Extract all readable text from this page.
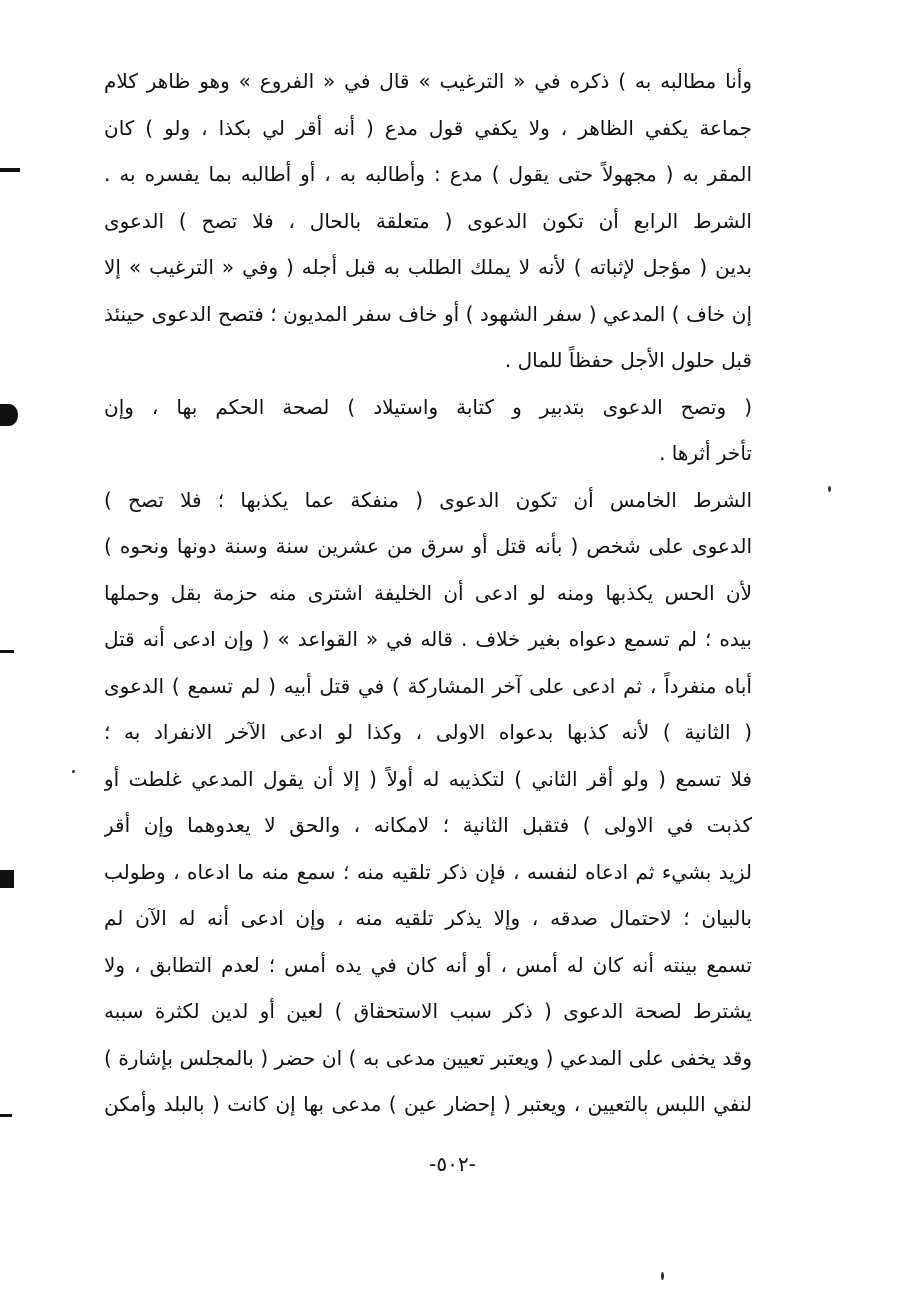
وأنا مطالبه به ) ذكره في « الترغيب » قال في « الفروع » وهو ظاهر كلام
جماعة يكفي الظاهر ، ولا يكفي قول مدع ( أنه أقر لي بكذا ، ولو ) كان
المقر به ( مجهولاً حتى يقول ) مدع : وأطالبه به ، أو أطالبه بما يفسره به .
الشرط الرابع أن تكون الدعوى ( متعلقة بالحال ، فلا تصح ) الدعوى
بدين ( مؤجل لإثباته ) لأنه لا يملك الطلب به قبل أجله ( وفي « الترغيب » إلا
إن خاف ) المدعي ( سفر الشهود ) أو خاف سفر المديون ؛ فتصح الدعوى حينئذ
قبل حلول الأجل حفظاً للمال .
( وتصح الدعوى بتدبير و كتابة واستيلاد ) لصحة الحكم بها ، وإن
تأخر أثرها .
الشرط الخامس أن تكون الدعوى ( منفكة عما يكذبها ؛ فلا تصح )
الدعوى على شخص ( بأنه قتل أو سرق من عشرين سنة وسنة دونها ونحوه )
لأن الحس يكذبها ومنه لو ادعى أن الخليفة اشترى منه حزمة بقل وحملها
بيده ؛ لم تسمع دعواه بغير خلاف . قاله في « القواعد » ( وإن ادعى أنه قتل
أباه منفرداً ، ثم ادعى على آخر المشاركة ) في قتل أبيه ( لم تسمع ) الدعوى
( الثانية ) لأنه كذبها بدعواه الاولى ، وكذا لو ادعى الآخر الانفراد به ؛
فلا تسمع ( ولو أقر الثاني ) لتكذيبه له أولاً ( إلا أن يقول المدعي غلطت أو
كذبت في الاولى ) فتقبل الثانية ؛ لامكانه ، والحق لا يعدوهما وإن أقر
لزيد بشيء ثم ادعاه لنفسه ، فإن ذكر تلقيه منه ؛ سمع منه ما ادعاه ، وطولب
بالبيان ؛ لاحتمال صدقه ، وإلا يذكر تلقيه منه ، وإن ادعى أنه له الآن لم
تسمع بينته أنه كان له أمس ، أو أنه كان في يده أمس ؛ لعدم التطابق ، ولا
يشترط لصحة الدعوى ( ذكر سبب الاستحقاق ) لعين أو لدين لكثرة سببه
وقد يخفى على المدعي ( ويعتبر تعيين مدعى به ) ان حضر ( بالمجلس بإشارة )
لنفي اللبس بالتعيين ، ويعتبر ( إحضار عين ) مدعى بها إن كانت ( بالبلد وأمكن
-٥٠٢-
